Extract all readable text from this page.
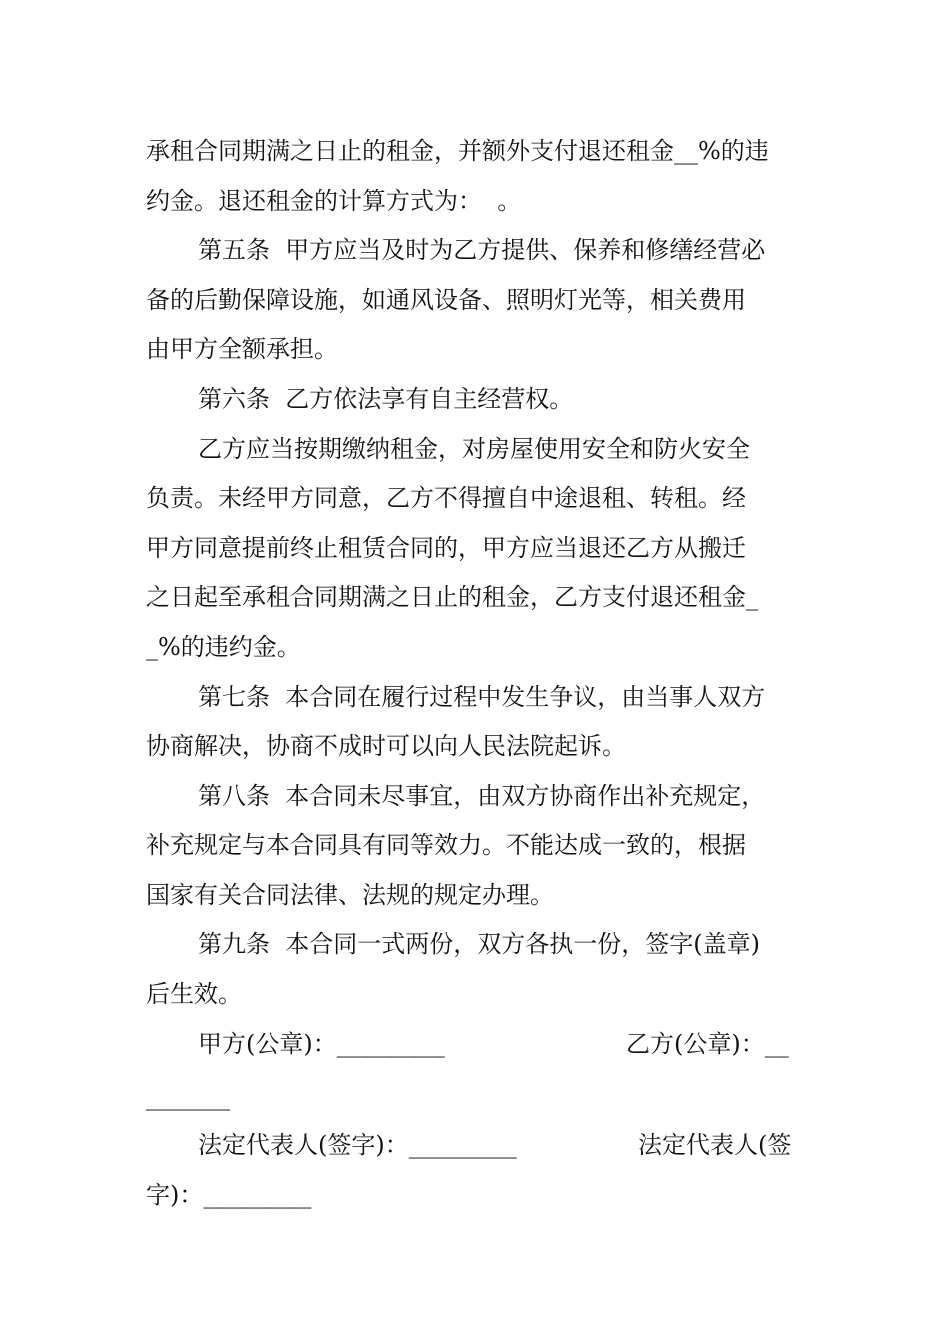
承租合同期满之日止的租金，并额外支付退还租金__%的违
约金。退还租金的计算方式为：  。
第五条  甲方应当及时为乙方提供、保养和修缮经营必
备的后勤保障设施，如通风设备、照明灯光等，相关费用
由甲方全额承担。
第六条  乙方依法享有自主经营权。
乙方应当按期缴纳租金，对房屋使用安全和防火安全
负责。未经甲方同意，乙方不得擅自中途退租、转租。经
甲方同意提前终止租赁合同的，甲方应当退还乙方从搬迁
之日起至承租合同期满之日止的租金，乙方支付退还租金_
_%的违约金。
第七条  本合同在履行过程中发生争议，由当事人双方
协商解决，协商不成时可以向人民法院起诉。
第八条  本合同未尽事宜，由双方协商作出补充规定，
补充规定与本合同具有同等效力。不能达成一致的，根据
国家有关合同法律、法规的规定办理。
第九条  本合同一式两份，双方各执一份，签字(盖章)
后生效。
甲方(公章)：_________	乙方(公章)：__
_______
法定代表人(签字)：_________	法定代表人(签
字)：_________
